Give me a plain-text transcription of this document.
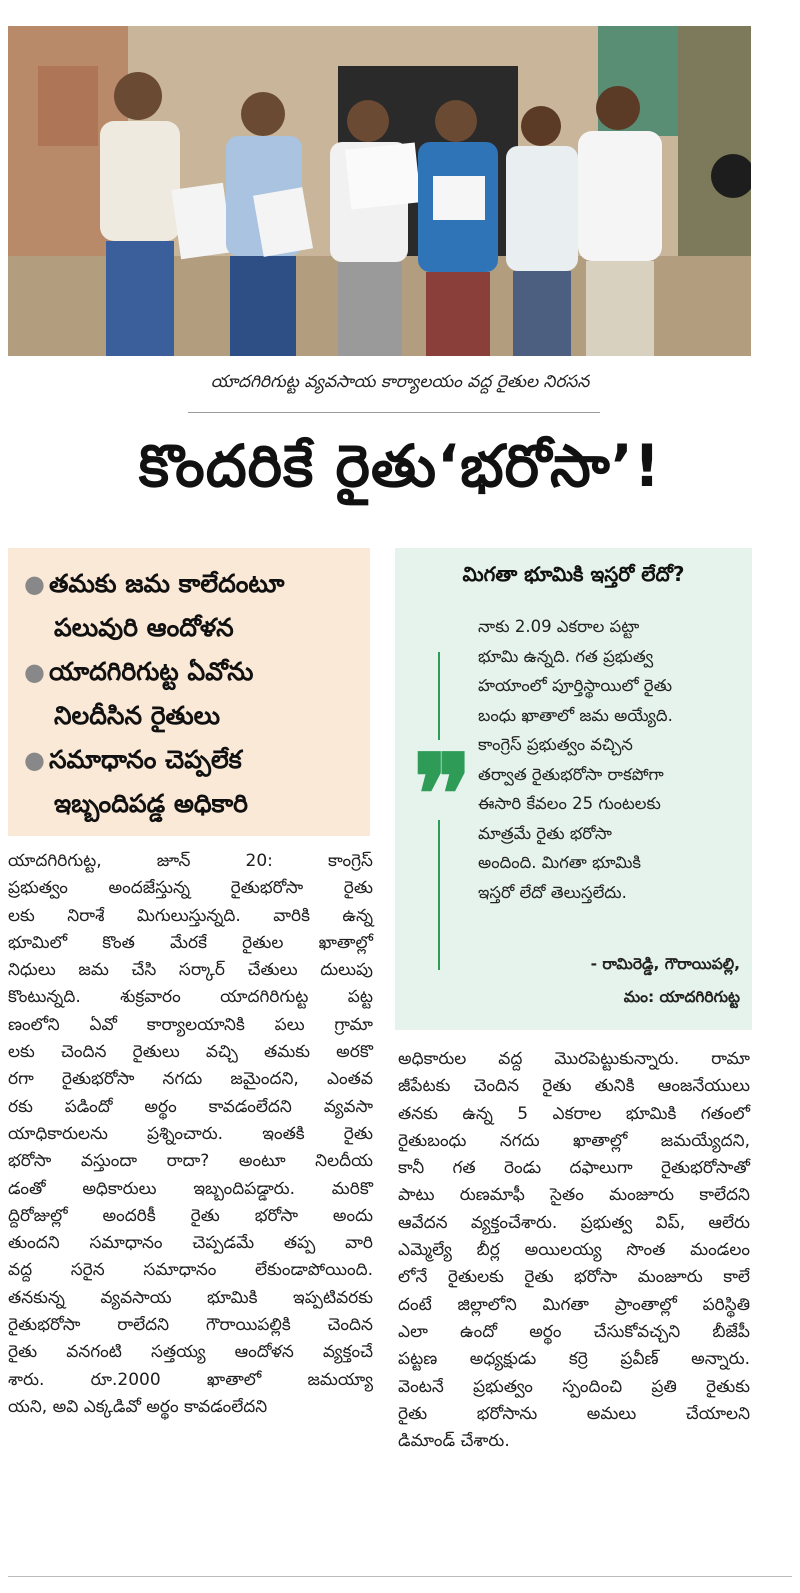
యాదగిరిగుట్ట వ్యవసాయ కార్యాలయం వద్ద రైతుల నిరసన
కొందరికే రైతు‘భరోసా’!
● తమకు జమ కాలేదంటూ
పలువురి ఆందోళన
● యాదగిరిగుట్ట ఏవోను
నిలదీసిన రైతులు
● సమాధానం చెప్పలేక
ఇబ్బందిపడ్డ అధికారి
మిగతా భూమికి ఇస్తరో లేదో?
❞
నాకు 2.09 ఎకరాల పట్టా
భూమి ఉన్నది. గత ప్రభుత్వ
హయాంలో పూర్తిస్థాయిలో రైతు
బంధు ఖాతాలో జమ అయ్యేది.
కాంగ్రెస్ ప్రభుత్వం వచ్చిన
తర్వాత రైతుభరోసా రాకపోగా
ఈసారి కేవలం 25 గుంటలకు
మాత్రమే రైతు భరోసా
అందింది. మిగతా భూమికి
ఇస్తరో లేదో తెలుస్తలేదు.
- రామిరెడ్డి, గౌరాయిపల్లి,
మం: యాదగిరిగుట్ట
యాదగిరిగుట్ట, జూన్ 20: కాంగ్రెస్
ప్రభుత్వం అందజేస్తున్న రైతుభరోసా రైతు
లకు నిరాశే మిగులుస్తున్నది. వారికి ఉన్న
భూమిలో కొంత మేరకే రైతుల ఖాతాల్లో
నిధులు జమ చేసి సర్కార్ చేతులు దులుపు
కొంటున్నది. శుక్రవారం యాదగిరిగుట్ట పట్ట
ణంలోని ఏవో కార్యాలయానికి పలు గ్రామా
లకు చెందిన రైతులు వచ్చి తమకు అరకొ
రగా రైతుభరోసా నగదు జమైందని, ఎంతవ
రకు పడిందో అర్థం కావడంలేదని వ్యవసా
యాధికారులను ప్రశ్నించారు. ఇంతకి రైతు
భరోసా వస్తుందా రాదా? అంటూ నిలదీయ
డంతో అధికారులు ఇబ్బందిపడ్డారు. మరికొ
ద్దిరోజుల్లో అందరికీ రైతు భరోసా అందు
తుందని సమాధానం చెప్పడమే తప్ప వారి
వద్ద సరైన సమాధానం లేకుండాపోయింది.
తనకున్న వ్యవసాయ భూమికి ఇప్పటివరకు
రైతుభరోసా రాలేదని గౌరాయిపల్లికి చెందిన
రైతు వనగంటి సత్తయ్య ఆందోళన వ్యక్తంచే
శారు. రూ.2000 ఖాతాలో జమయ్యా
యని, అవి ఎక్కడివో అర్థం కావడంలేదని
అధికారుల వద్ద మొరపెట్టుకున్నారు. రామా
జీపేటకు చెందిన రైతు తునికి ఆంజనేయులు
తనకు ఉన్న 5 ఎకరాల భూమికి గతంలో
రైతుబంధు నగదు ఖాతాల్లో జమయ్యేదని,
కానీ గత రెండు దఫాలుగా రైతుభరోసాతో
పాటు రుణమాఫీ సైతం మంజూరు కాలేదని
ఆవేదన వ్యక్తంచేశారు. ప్రభుత్వ విప్, ఆలేరు
ఎమ్మెల్యే బీర్ల అయిలయ్య సొంత మండలం
లోనే రైతులకు రైతు భరోసా మంజూరు కాలే
దంటే జిల్లాలోని మిగతా ప్రాంతాల్లో పరిస్థితి
ఎలా ఉందో అర్థం చేసుకోవచ్చని బీజేపీ
పట్టణ అధ్యక్షుడు కర్రె ప్రవీణ్ అన్నారు.
వెంటనే ప్రభుత్వం స్పందించి ప్రతి రైతుకు
రైతు భరోసాను అమలు చేయాలని
డిమాండ్ చేశారు.
